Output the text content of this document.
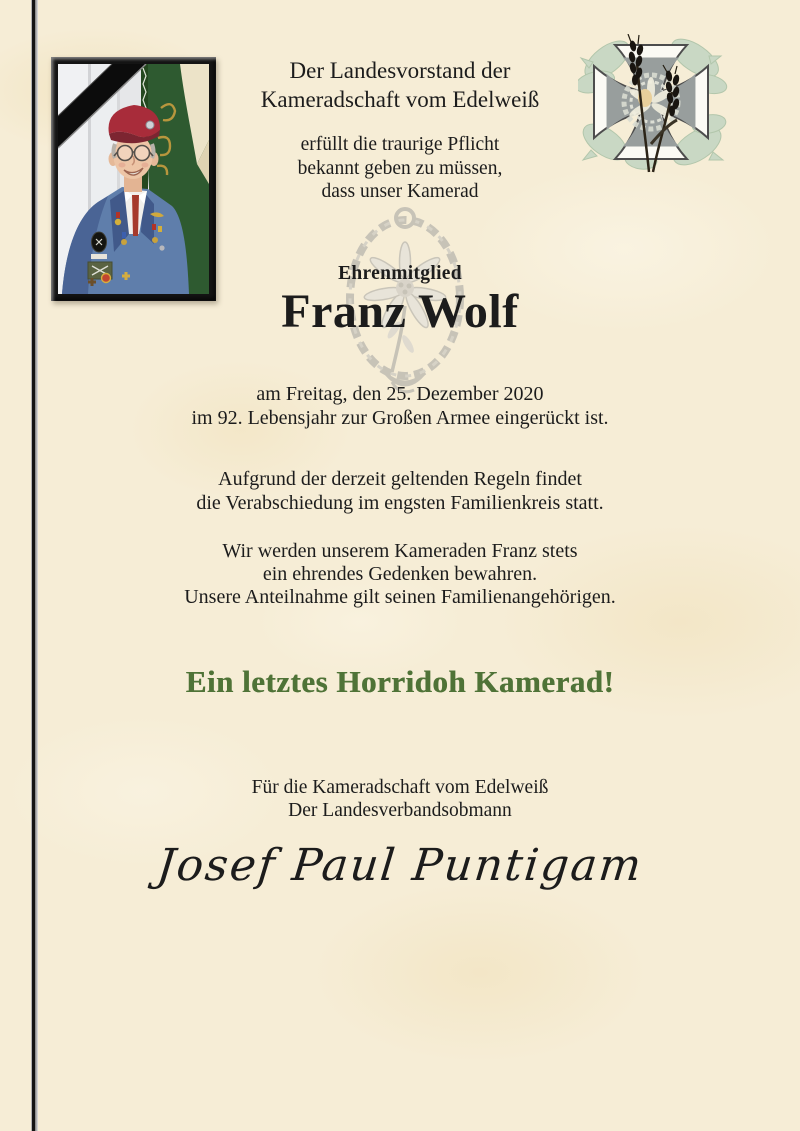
Der Landesvorstand der
Kameradschaft vom Edelweiß
erfüllt die traurige Pflicht
bekannt geben zu müssen,
dass unser Kamerad
Ehrenmitglied
Franz Wolf
am Freitag, den 25. Dezember 2020
im 92. Lebensjahr zur Großen Armee eingerückt ist.
Aufgrund der derzeit geltenden Regeln findet
die Verabschiedung im engsten Familienkreis statt.
Wir werden unserem Kameraden Franz stets
ein ehrendes Gedenken bewahren.
Unsere Anteilnahme gilt seinen Familienangehörigen.
Ein letztes Horridoh Kamerad!
Für die Kameradschaft vom Edelweiß
Der Landesverbandsobmann
Josef Paul Puntigam
